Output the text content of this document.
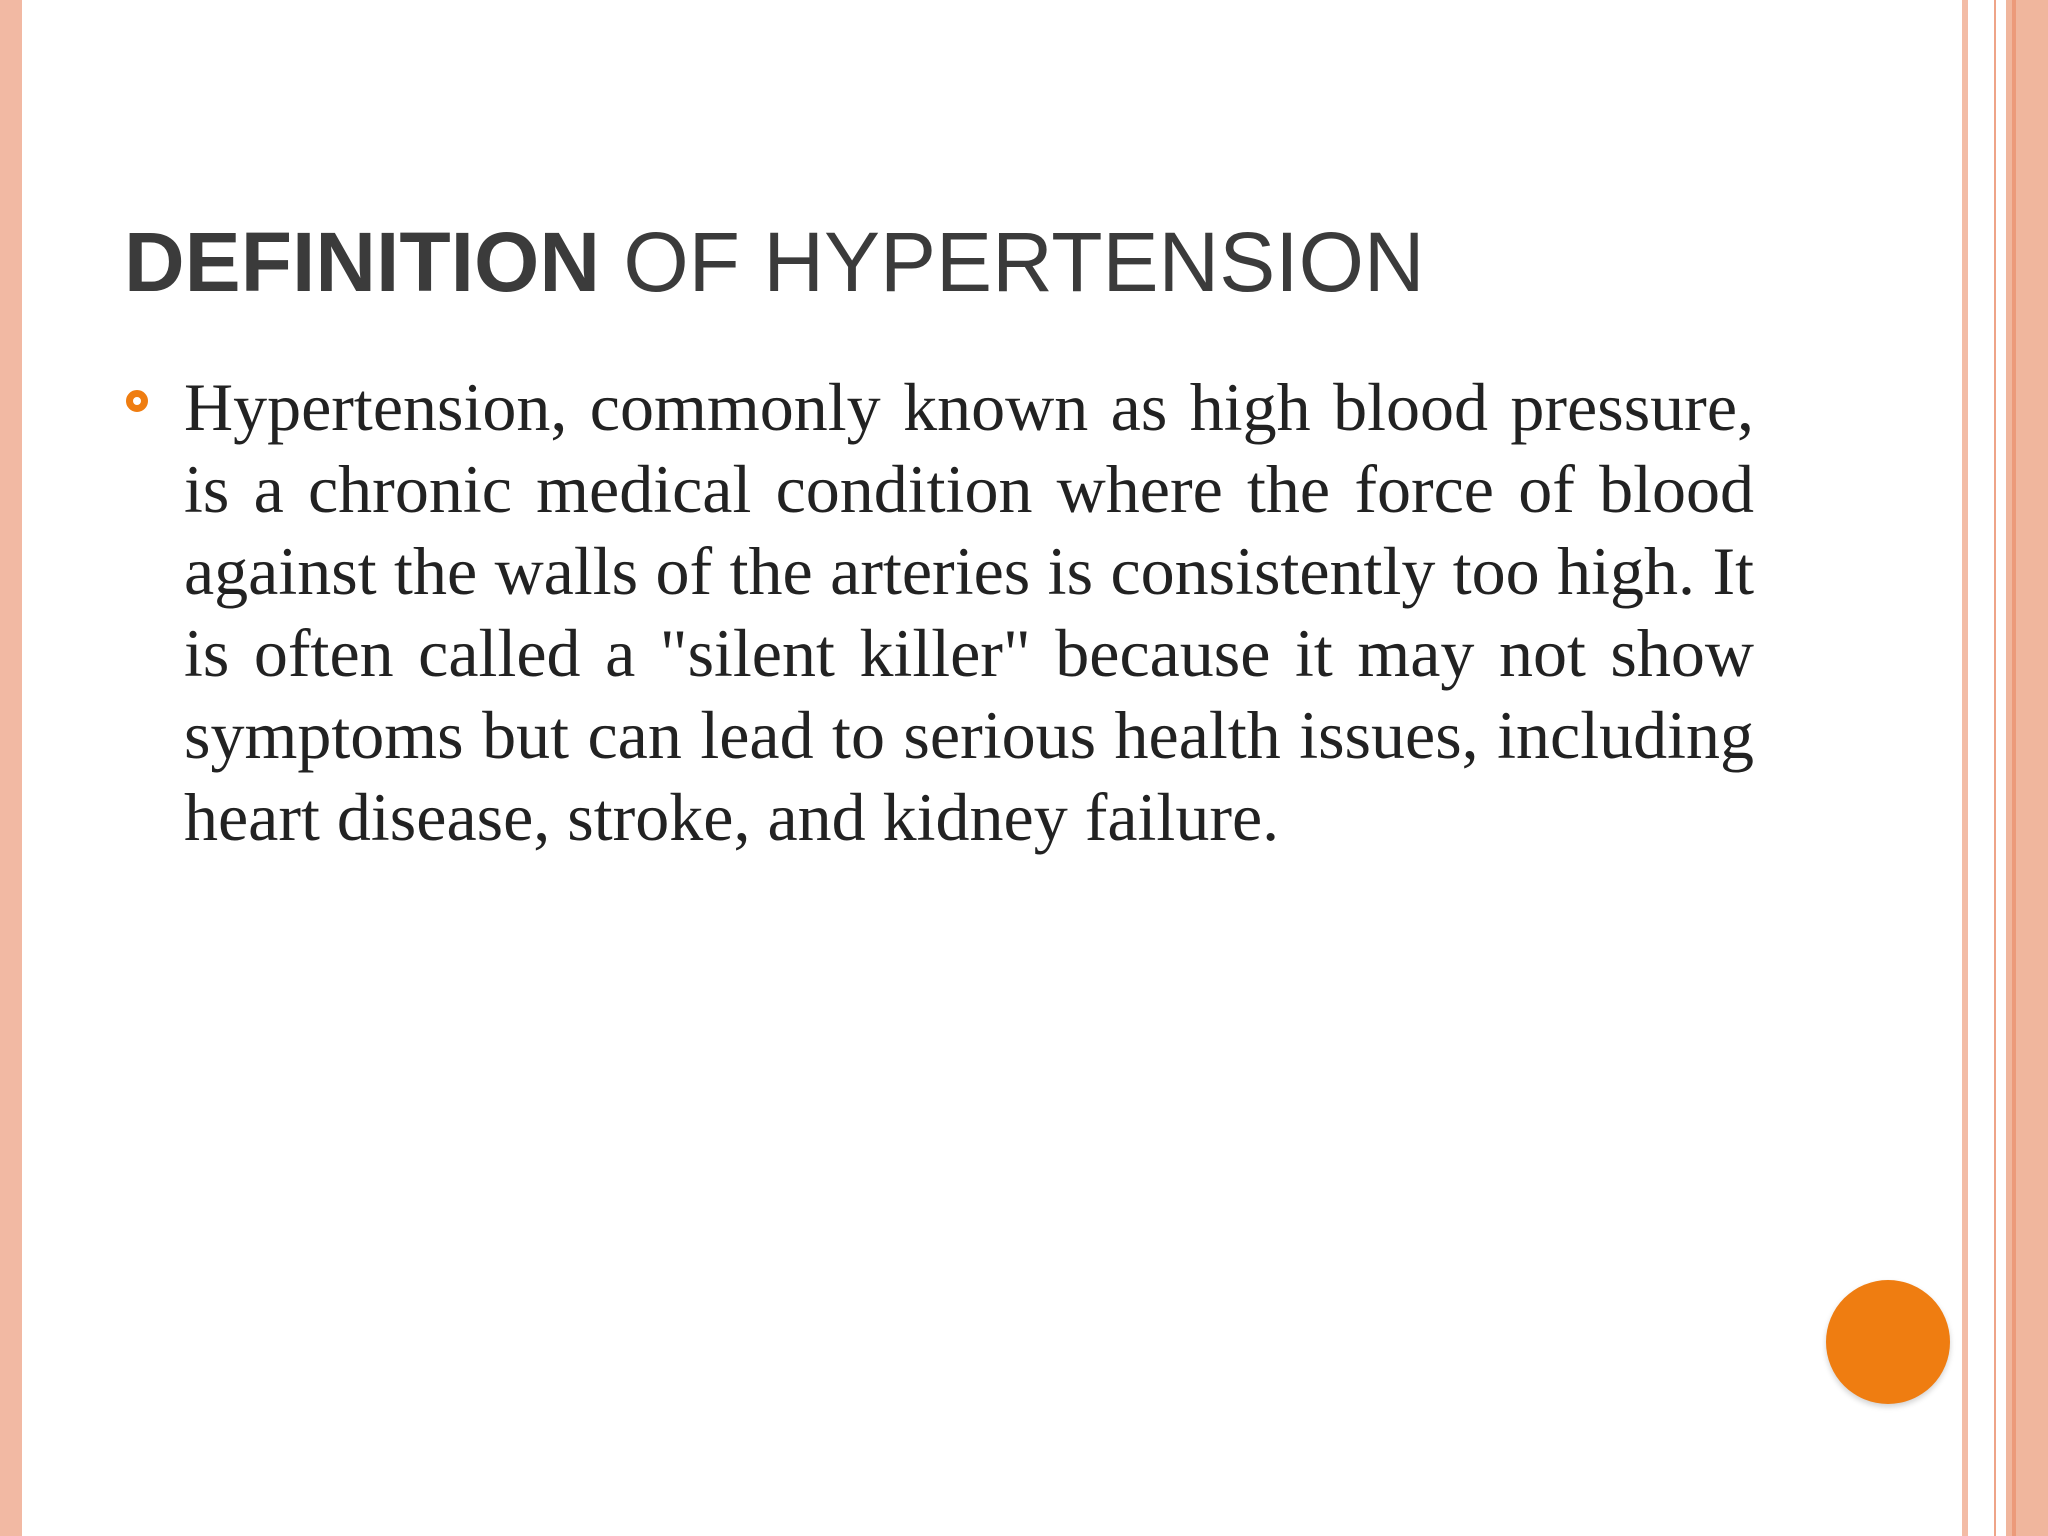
DEFINITION OF HYPERTENSION
Hypertension, commonly known as high blood pressure, is a chronic medical condition where the force of blood against the walls of the arteries is consistently too high. It is often called a "silent killer" because it may not show symptoms but can lead to serious health issues, including heart disease, stroke, and kidney failure.
